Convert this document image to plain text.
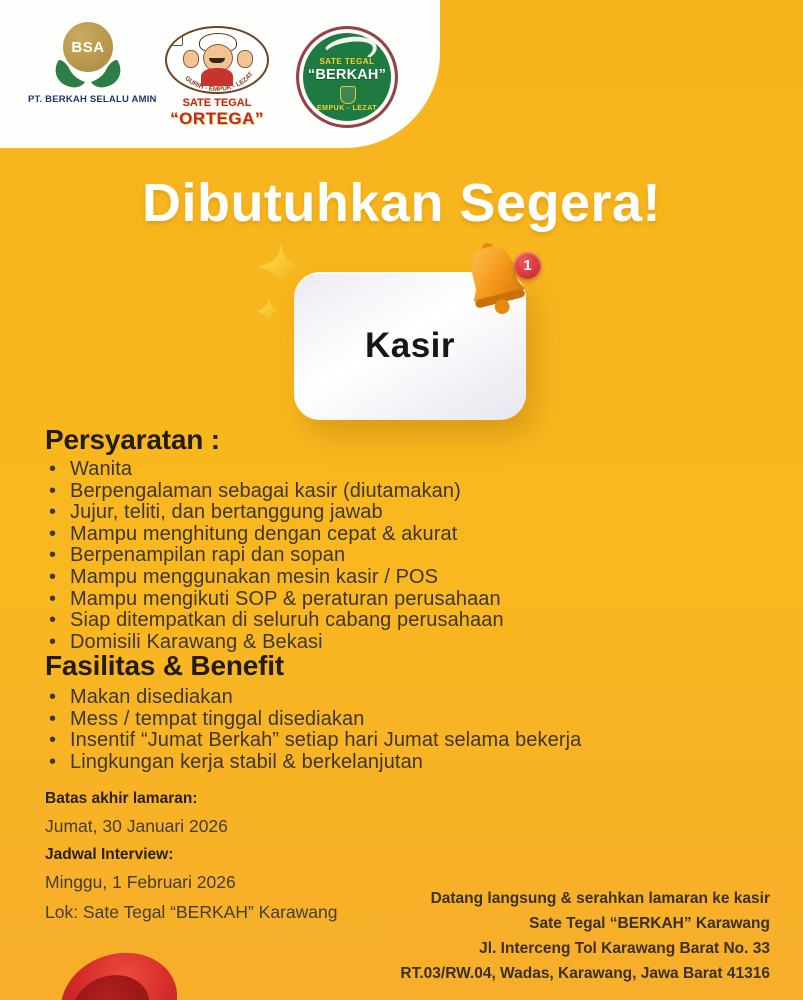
BSA
PT. BERKAH SELALU AMIN
GURIH - EMPUK - LEZAT
SATE TEGAL
“ORTEGA”
SATE TEGAL
“BERKAH”
EMPUK - LEZAT
Dibutuhkan Segera!
Kasir
1
Persyaratan :
• Wanita
• Berpengalaman sebagai kasir (diutamakan)
• Jujur, teliti, dan bertanggung jawab
• Mampu menghitung dengan cepat & akurat
• Berpenampilan rapi dan sopan
• Mampu menggunakan mesin kasir / POS
• Mampu mengikuti SOP & peraturan perusahaan
• Siap ditempatkan di seluruh cabang perusahaan
• Domisili Karawang & Bekasi
Fasilitas & Benefit
• Makan disediakan
• Mess / tempat tinggal disediakan
• Insentif “Jumat Berkah” setiap hari Jumat selama bekerja
• Lingkungan kerja stabil & berkelanjutan
Batas akhir lamaran:
Jumat, 30 Januari 2026
Jadwal Interview:
Minggu, 1 Februari 2026
Lok: Sate Tegal “BERKAH” Karawang
Datang langsung & serahkan lamaran ke kasir
Sate Tegal “BERKAH” Karawang
Jl. Interceng Tol Karawang Barat No. 33
RT.03/RW.04, Wadas, Karawang, Jawa Barat 41316
